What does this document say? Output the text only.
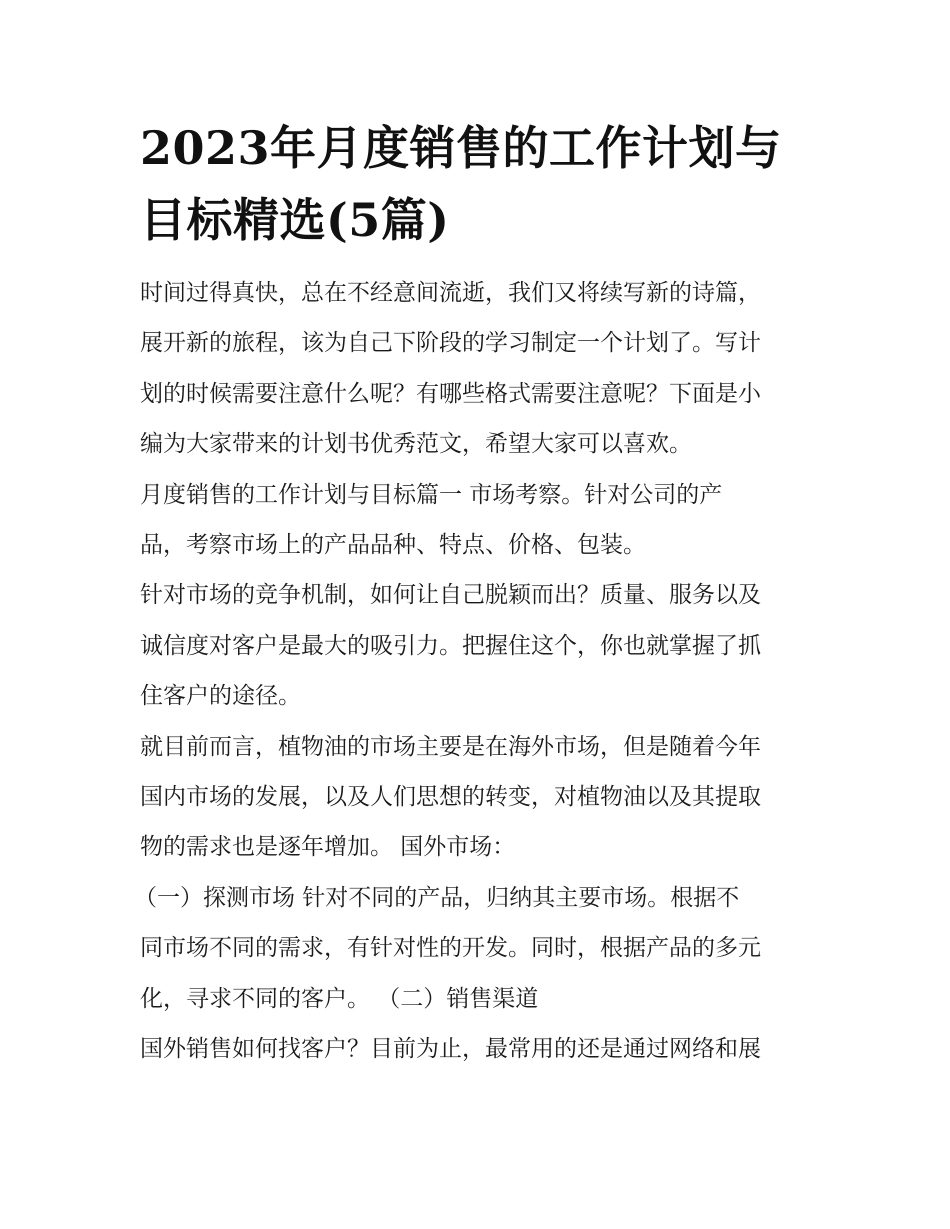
2023年月度销售的工作计划与
目标精选(5篇)
时间过得真快，总在不经意间流逝，我们又将续写新的诗篇，
展开新的旅程，该为自己下阶段的学习制定一个计划了。写计
划的时候需要注意什么呢？有哪些格式需要注意呢？下面是小
编为大家带来的计划书优秀范文，希望大家可以喜欢。
月度销售的工作计划与目标篇一 市场考察。针对公司的产
品，考察市场上的产品品种、特点、价格、包装。
针对市场的竞争机制，如何让自己脱颖而出？质量、服务以及
诚信度对客户是最大的吸引力。把握住这个，你也就掌握了抓
住客户的途径。
就目前而言，植物油的市场主要是在海外市场，但是随着今年
国内市场的发展，以及人们思想的转变，对植物油以及其提取
物的需求也是逐年增加。 国外市场：
（一）探测市场 针对不同的产品，归纳其主要市场。根据不
同市场不同的需求，有针对性的开发。同时，根据产品的多元
化，寻求不同的客户。 （二）销售渠道
国外销售如何找客户？目前为止，最常用的还是通过网络和展
